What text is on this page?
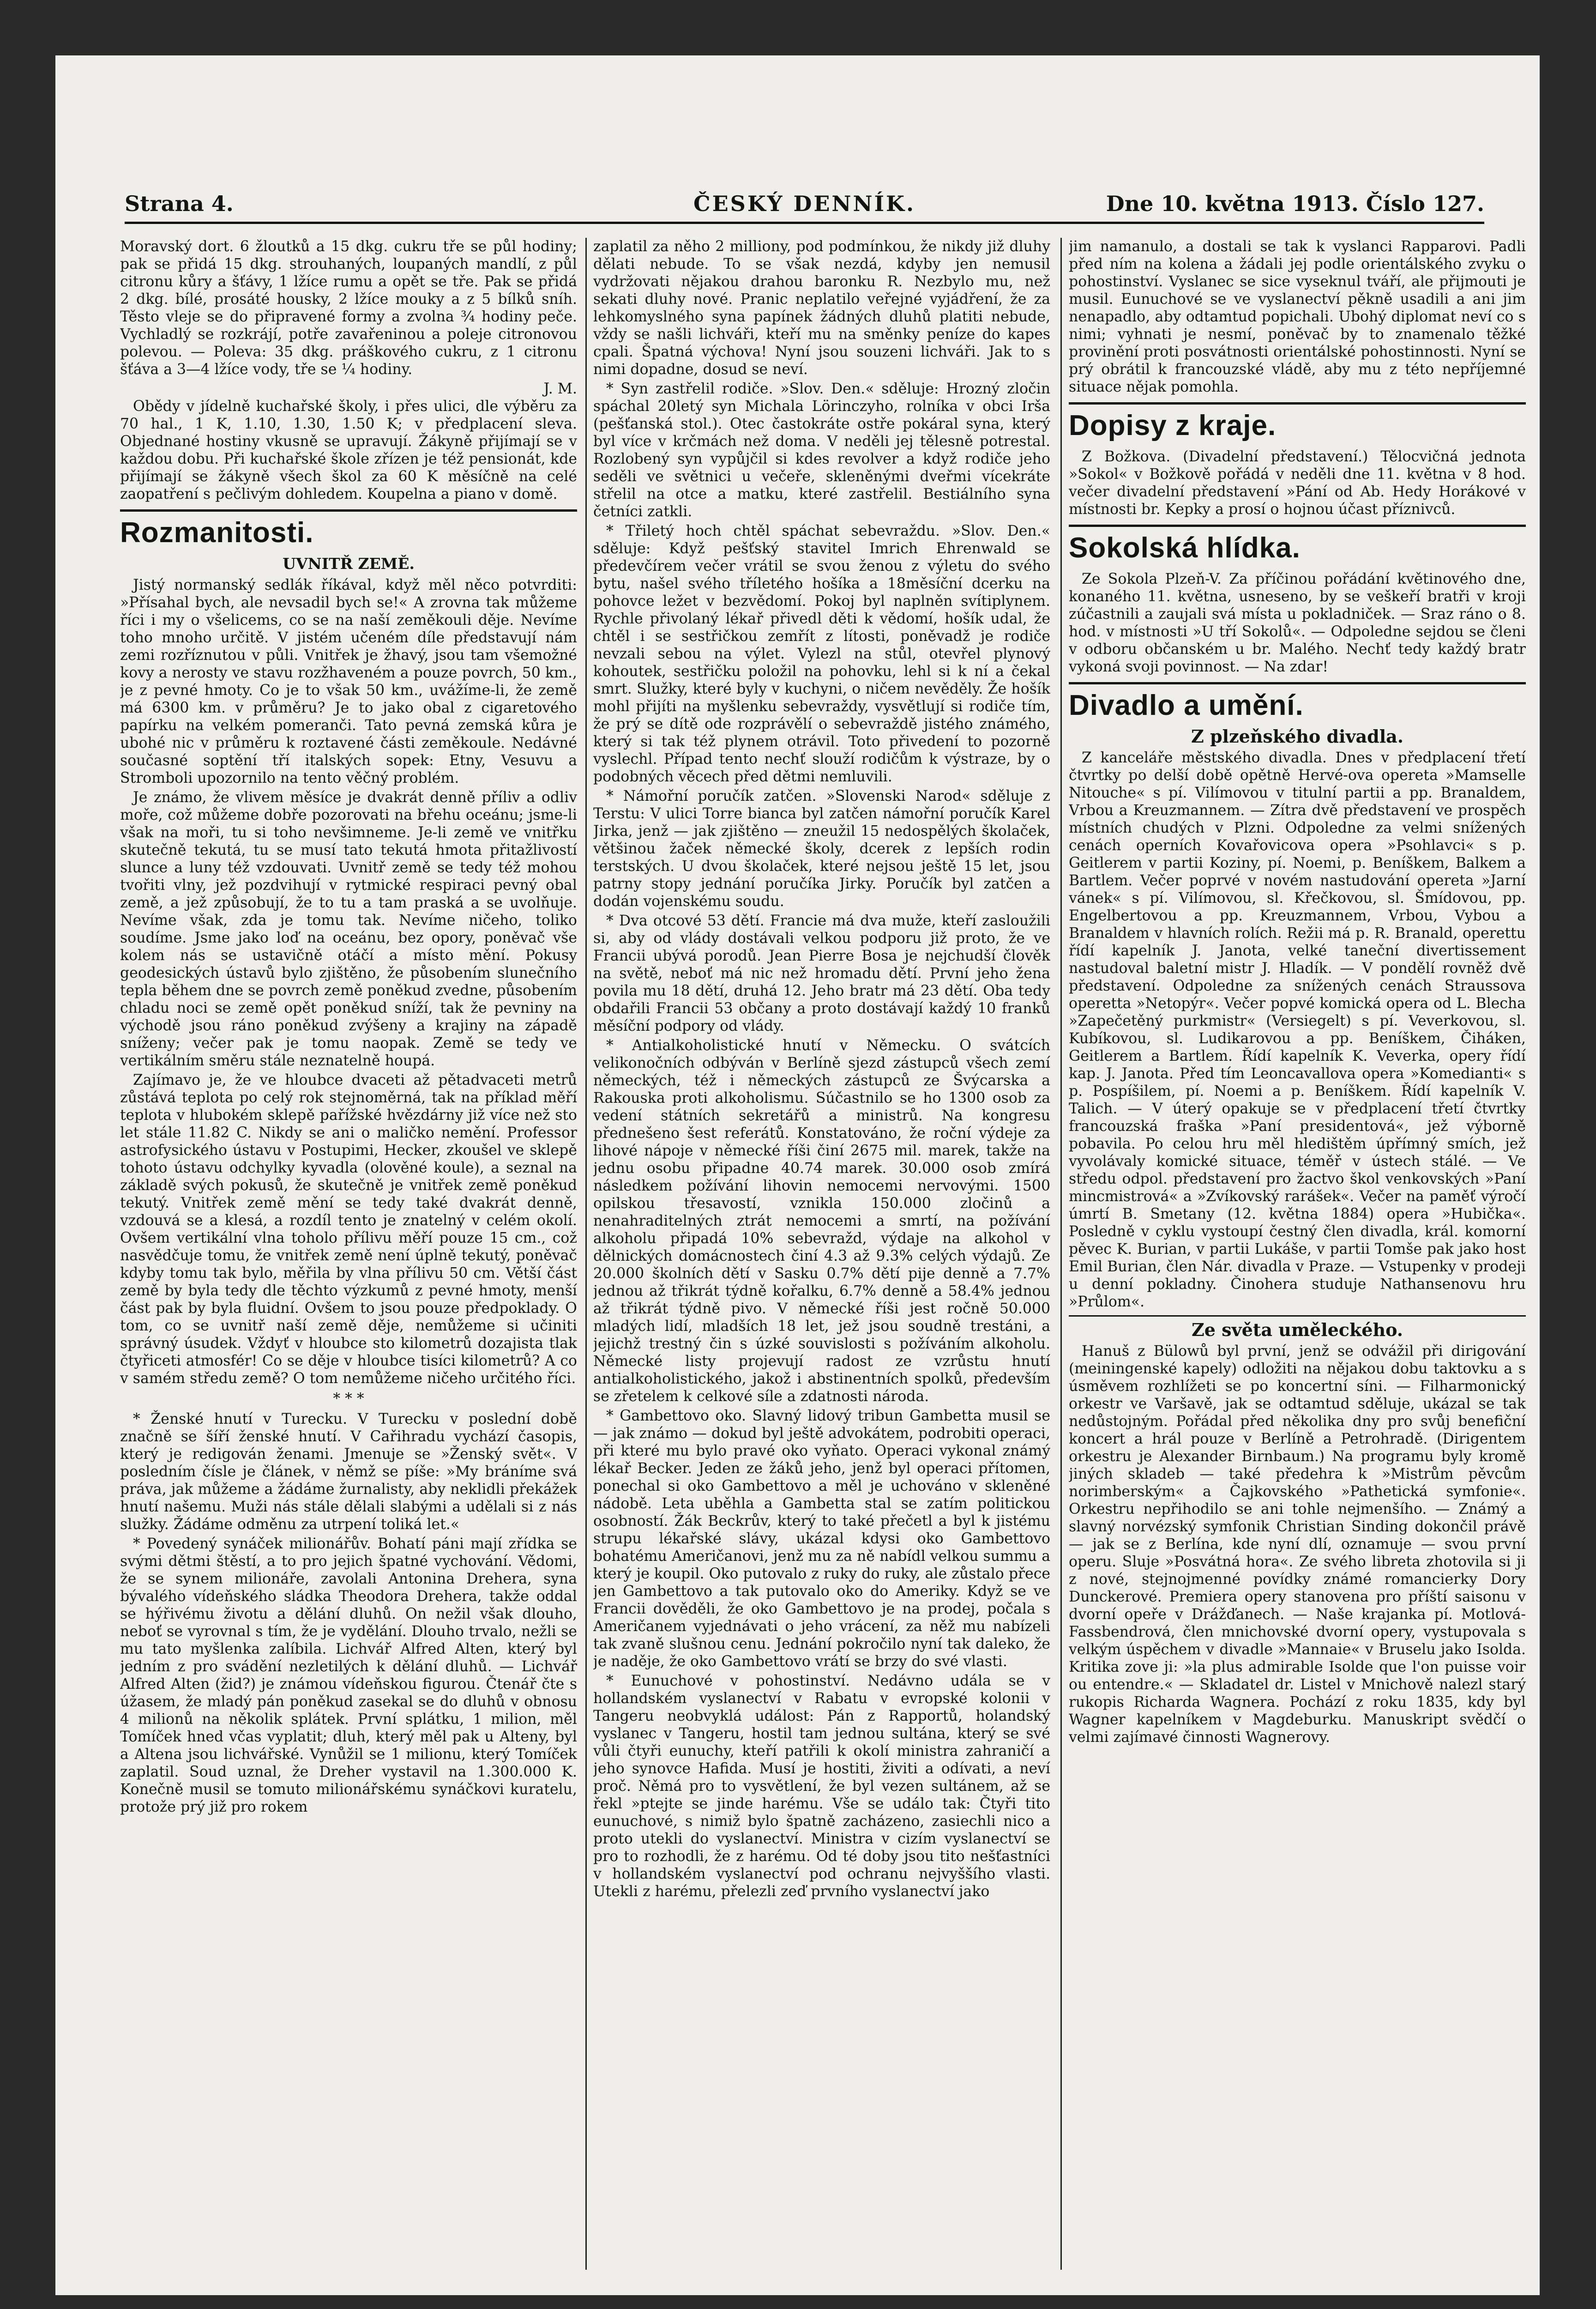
Strana 4.	ČESKÝ DENNÍK.	Dne 10. května 1913. Číslo 127.

Moravský dort. 6 žloutků a 15 dkg. cukru tře se půl hodiny; pak se přidá 15 dkg. strouhaných, loupaných mandlí, z půl citronu kůry a šťávy, 1 lžíce rumu a opět se tře. Pak se přidá 2 dkg. bílé, prosáté housky, 2 lžíce mouky a z 5 bílků sníh. Těsto vleje se do připravené formy a zvolna ¾ hodiny peče. Vychladlý se rozkrájí, potře zavařeninou a poleje citronovou polevou. — Poleva: 35 dkg. práškového cukru, z 1 citronu šťáva a 3—4 lžíce vody, tře se ¼ hodiny.

J. M.

Obědy v jídelně kuchařské školy, i přes ulici, dle výběru za 70 hal., 1 K, 1.10, 1.30, 1.50 K; v předplacení sleva. Objednané hostiny vkusně se upravují. Žákyně přijímají se v každou dobu. Při kuchařské škole zřízen je též pensionát, kde přijímají se žákyně všech škol za 60 K měsíčně na celé zaopatření s pečlivým dohledem. Koupelna a piano v domě.

Rozmanitosti.
UVNITŘ ZEMĚ.

Jistý normanský sedlák říkával, když měl něco potvrditi: »Přísahal bych, ale nevsadil bych se!« A zrovna tak můžeme říci i my o všelicems, co se na naší zeměkouli děje. Nevíme toho mnoho určitě. V jistém učeném díle představují nám zemi rozříznutou v půli. Vnitřek je žhavý, jsou tam všemožné kovy a nerosty ve stavu rozžhaveném a pouze povrch, 50 km., je z pevné hmoty. Co je to však 50 km., uvážíme-li, že země má 6300 km. v průměru? Je to jako obal z cigaretového papírku na velkém pomeranči. Tato pevná zemská kůra je ubohé nic v průměru k roztavené části zeměkoule. Nedávné současné soptění tří italských sopek: Etny, Vesuvu a Stromboli upozornilo na tento věčný problém.

Je známo, že vlivem měsíce je dvakrát denně příliv a odliv moře, což můžeme dobře pozorovati na břehu oceánu; jsme-li však na moři, tu si toho nevšimneme. Je-li země ve vnitřku skutečně tekutá, tu se musí tato tekutá hmota přitažlivostí slunce a luny též vzdouvati. Uvnitř země se tedy též mohou tvořiti vlny, jež pozdvihují v rytmické respiraci pevný obal země, a jež způsobují, že to tu a tam praská a se uvolňuje. Nevíme však, zda je tomu tak. Nevíme ničeho, toliko soudíme. Jsme jako loď na oceánu, bez opory, poněvač vše kolem nás se ustavičně otáčí a místo mění. Pokusy geodesických ústavů bylo zjištěno, že působením slunečního tepla během dne se povrch země poněkud zvedne, působením chladu noci se země opět poněkud sníží, tak že pevniny na východě jsou ráno poněkud zvýšeny a krajiny na západě sníženy; večer pak je tomu naopak. Země se tedy ve vertikálním směru stále neznatelně houpá.

Zajímavo je, že ve hloubce dvaceti až pětadvaceti metrů zůstává teplota po celý rok stejnoměrná, tak na příklad měří teplota v hlubokém sklepě pařížské hvězdárny již více než sto let stále 11.82 C. Nikdy se ani o maličko nemění. Professor astrofysického ústavu v Postupimi, Hecker, zkoušel ve sklepě tohoto ústavu odchylky kyvadla (olověné koule), a seznal na základě svých pokusů, že skutečně je vnitřek země poněkud tekutý. Vnitřek země mění se tedy také dvakrát denně, vzdouvá se a klesá, a rozdíl tento je znatelný v celém okolí. Ovšem vertikální vlna toholo přílivu měří pouze 15 cm., což nasvědčuje tomu, že vnitřek země není úplně tekutý, poněvač kdyby tomu tak bylo, měřila by vlna přílivu 50 cm. Větší část země by byla tedy dle těchto výzkumů z pevné hmoty, menší část pak by byla fluidní. Ovšem to jsou pouze předpoklady. O tom, co se uvnitř naší země děje, nemůžeme si učiniti správný úsudek. Vždyť v hloubce sto kilometrů dozajista tlak čtyřiceti atmosfér! Co se děje v hloubce tisíci kilometrů? A co v samém středu země? O tom nemůžeme ničeho určitého říci.

* * *

* Ženské hnutí v Turecku. V Turecku v poslední době značně se šíří ženské hnutí. V Cařihradu vychází časopis, který je redigován ženami. Jmenuje se »Ženský svět«. V posledním čísle je článek, v němž se píše: »My bráníme svá práva, jak můžeme a žádáme žurnalisty, aby neklidli překážek hnutí našemu. Muži nás stále dělali slabými a udělali si z nás služky. Žádáme odměnu za utrpení toliká let.«

* Povedený synáček milionářův. Bohatí páni mají zřídka se svými dětmi štěstí, a to pro jejich špatné vychování. Vědomi, že se synem milionáře, zavolali Antonina Drehera, syna bývalého vídeňského sládka Theodora Drehera, takže oddal se hýřivému životu a dělání dluhů. On nežil však dlouho, neboť se vyrovnal s tím, že je vydělání. Dlouho trvalo, nežli se mu tato myšlenka zalíbila. Lichvář Alfred Alten, který byl jedním z pro svádění nezletilých k dělání dluhů. — Lichvář Alfred Alten (žid?) je známou vídeňskou figurou. Čtenář čte s úžasem, že mladý pán poněkud zasekal se do dluhů v obnosu 4 milionů na několik splátek. První splátku, 1 milion, měl Tomíček hned včas vyplatit; dluh, který měl pak u Alteny, byl a Altena jsou lichvářské. Vynůžil se 1 milionu, který Tomíček zaplatil. Soud uznal, že Dreher vystavil na 1.300.000 K. Konečně musil se tomuto milionářskému synáčkovi kuratelu, protože prý již pro rokem

zaplatil za něho 2 milliony, pod podmínkou, že nikdy již dluhy dělati nebude. To se však nezdá, kdyby jen nemusil vydržovati nějakou drahou baronku R. Nezbylo mu, než sekati dluhy nové. Pranic neplatilo veřejné vyjádření, že za lehkomyslného syna papínek žádných dluhů platiti nebude, vždy se našli lichváři, kteří mu na směnky peníze do kapes cpali. Špatná výchova! Nyní jsou souzeni lichváři. Jak to s nimi dopadne, dosud se neví.

* Syn zastřelil rodiče. »Slov. Den.« sděluje: Hrozný zločin spáchal 20letý syn Michala Lörinczyho, rolníka v obci Irša (pešťanská stol.). Otec častokráte ostře pokáral syna, který byl více v krčmách než doma. V neděli jej tělesně potrestal. Rozlobený syn vypůjčil si kdes revolver a když rodiče jeho seděli ve světnici u večeře, skleněnými dveřmi vícekráte střelil na otce a matku, které zastřelil. Bestiálního syna četníci zatkli.

* Třiletý hoch chtěl spáchat sebevraždu. »Slov. Den.« sděluje: Když pešťský stavitel Imrich Ehrenwald se předevčírem večer vrátil se svou ženou z výletu do svého bytu, našel svého tříletého hošíka a 18měsíční dcerku na pohovce ležet v bezvědomí. Pokoj byl naplněn svítiplynem. Rychle přivolaný lékař přivedl děti k vědomí, hošík udal, že chtěl i se sestřičkou zemřít z lítosti, poněvadž je rodiče nevzali sebou na výlet. Vylezl na stůl, otevřel plynový kohoutek, sestřičku položil na pohovku, lehl si k ní a čekal smrt. Služky, které byly v kuchyni, o ničem nevěděly. Že hošík mohl přijíti na myšlenku sebevraždy, vysvětlují si rodiče tím, že prý se dítě ode rozprávělí o sebevraždě jistého známého, který si tak též plynem otrávil. Toto přivedení to pozorně vyslechl. Případ tento nechť slouží rodičům k výstraze, by o podobných věcech před dětmi nemluvili.

* Námořní poručík zatčen. »Slovenski Narod« sděluje z Terstu: V ulici Torre bianca byl zatčen námořní poručík Karel Jirka, jenž — jak zjištěno — zneužil 15 nedospělých školaček, většinou žaček německé školy, dcerek z lepších rodin terstských. U dvou školaček, které nejsou ještě 15 let, jsou patrny stopy jednání poručíka Jirky. Poručík byl zatčen a dodán vojenskému soudu.

* Dva otcové 53 dětí. Francie má dva muže, kteří zasloužili si, aby od vlády dostávali velkou podporu již proto, že ve Francii ubývá porodů. Jean Pierre Bosa je nejchudší člověk na světě, neboť má nic než hromadu dětí. První jeho žena povila mu 18 dětí, druhá 12. Jeho bratr má 23 dětí. Oba tedy obdařili Francii 53 občany a proto dostávají každý 10 franků měsíční podpory od vlády.

* Antialkoholistické hnutí v Německu. O svátcích velikonočních odbýván v Berlíně sjezd zástupců všech zemí německých, též i německých zástupců ze Švýcarska a Rakouska proti alkoholismu. Súčastnilo se ho 1300 osob za vedení státních sekretářů a ministrů. Na kongresu přednešeno šest referátů. Konstatováno, že roční výdeje za lihové nápoje v německé říši činí 2675 mil. marek, takže na jednu osobu připadne 40.74 marek. 30.000 osob zmírá následkem požívání lihovin nemocemi nervovými. 1500 opilskou třesavostí, vznikla 150.000 zločinů a nenahraditelných ztrát nemocemi a smrtí, na požívání alkoholu připadá 10% sebevražd, výdaje na alkohol v dělnických domácnostech činí 4.3 až 9.3% celých výdajů. Ze 20.000 školních dětí v Sasku 0.7% dětí pije denně a 7.7% jednou až třikrát týdně kořalku, 6.7% denně a 58.4% jednou až třikrát týdně pivo. V německé říši jest ročně 50.000 mladých lidí, mladších 18 let, jež jsou soudně trestáni, a jejichž trestný čin s úzké souvislosti s požíváním alkoholu. Německé listy projevují radost ze vzrůstu hnutí antialkoholistického, jakož i abstinentních spolků, především se zřetelem k celkové síle a zdatnosti národa.

* Gambettovo oko. Slavný lidový tribun Gambetta musil se — jak známo — dokud byl ještě advokátem, podrobiti operaci, při které mu bylo pravé oko vyňato. Operaci vykonal známý lékař Becker. Jeden ze žáků jeho, jenž byl operaci přítomen, ponechal si oko Gambettovo a měl je uchováno v skleněné nádobě. Leta uběhla a Gambetta stal se zatím politickou osobností. Žák Beckrův, který to také přečetl a byl k jistému strupu lékařské slávy, ukázal kdysi oko Gambettovo bohatému Američanovi, jenž mu za ně nabídl velkou summu a který je koupil. Oko putovalo z ruky do ruky, ale zůstalo přece jen Gambettovo a tak putovalo oko do Ameriky. Když se ve Francii dověděli, že oko Gambettovo je na prodej, počala s Američanem vyjednávati o jeho vrácení, za něž mu nabízeli tak zvaně slušnou cenu. Jednání pokročilo nyní tak daleko, že je naděje, že oko Gambettovo vrátí se brzy do své vlasti.

* Eunuchové v pohostinství. Nedávno udála se v hollandském vyslanectví v Rabatu v evropské kolonii v Tangeru neobvyklá událost: Pán z Rapportů, holandský vyslanec v Tangeru, hostil tam jednou sultána, který se své vůli čtyři eunuchy, kteří patřili k okolí ministra zahraničí a jeho synovce Hafida. Musí je hostiti, živiti a odívati, a neví proč. Němá pro to vysvětlení, že byl vezen sultánem, až se řekl »ptejte se jinde harému. Vše se událo tak: Čtyři tito eunuchové, s nimiž bylo špatně zacházeno, zasiechli nico a proto utekli do vyslanectví. Ministra v cizím vyslanectví se pro to rozhodli, že z harému. Od té doby jsou tito nešťastníci v hollandském vyslanectví pod ochranu nejvyššího vlasti. Utekli z harému, přelezli zeď prvního vyslanectví jako

jim namanulo, a dostali se tak k vyslanci Rapparovi. Padli před ním na kolena a žádali jej podle orientálského zvyku o pohostinství. Vyslanec se sice vyseknul tváří, ale přijmouti je musil. Eunuchové se ve vyslanectví pěkně usadili a ani jim nenapadlo, aby odtamtud popichali. Ubohý diplomat neví co s nimi; vyhnati je nesmí, poněvač by to znamenalo těžké provinění proti posvátnosti orientálské pohostinnosti. Nyní se prý obrátil k francouzské vládě, aby mu z této nepříjemné situace nějak pomohla.

Dopisy z kraje.

Z Božkova. (Divadelní představení.) Tělocvičná jednota »Sokol« v Božkově pořádá v neděli dne 11. května v 8 hod. večer divadelní představení »Pání od Ab. Hedy Horákové v místnosti br. Kepky a prosí o hojnou účast příznivců.

Sokolská hlídka.

Ze Sokola Plzeň-V. Za příčinou pořádání květinového dne, konaného 11. května, usneseno, by se veškeří bratři v kroji zúčastnili a zaujali svá místa u pokladniček. — Sraz ráno o 8. hod. v místnosti »U tří Sokolů«. — Odpoledne sejdou se členi v odboru občanském u br. Malého. Nechť tedy každý bratr vykoná svoji povinnost. — Na zdar!

Divadlo a umění.
Z plzeňského divadla.

Z kanceláře městského divadla. Dnes v předplacení třetí čtvrtky po delší době opětně Hervé-ova opereta »Mamselle Nitouche« s pí. Vilímovou v titulní partii a pp. Branaldem, Vrbou a Kreuzmannem. — Zítra dvě představení ve prospěch místních chudých v Plzni. Odpoledne za velmi snížených cenách operních Kovařovicova opera »Psohlavci« s p. Geitlerem v partii Koziny, pí. Noemi, p. Beníškem, Balkem a Bartlem. Večer poprvé v novém nastudování opereta »Jarní vánek« s pí. Vilímovou, sl. Křečkovou, sl. Šmídovou, pp. Engelbertovou a pp. Kreuzmannem, Vrbou, Vybou a Branaldem v hlavních rolích. Režii má p. R. Branald, operettu řídí kapelník J. Janota, velké taneční divertissement nastudoval baletní mistr J. Hladík. — V pondělí rovněž dvě představení. Odpoledne za snížených cenách Straussova operetta »Netopýr«. Večer popvé komická opera od L. Blecha »Zapečetěný purkmistr« (Versiegelt) s pí. Veverkovou, sl. Kubíkovou, sl. Ludikarovou a pp. Beníškem, Čiháken, Geitlerem a Bartlem. Řídí kapelník K. Veverka, opery řídí kap. J. Janota. Před tím Leoncavallova opera »Komedianti« s p. Pospíšilem, pí. Noemi a p. Beníškem. Řídí kapelník V. Talich. — V úterý opakuje se v předplacení třetí čtvrtky francouzská fraška »Paní presidentová«, jež výborně pobavila. Po celou hru měl hledištěm úpřímný smích, jež vyvolávaly komické situace, téměř v ústech stálé. — Ve středu odpol. představení pro žactvo škol venkovských »Paní mincmistrová« a »Zvíkovský rarášek«. Večer na paměť výročí úmrtí B. Smetany (12. května 1884) opera »Hubička«. Posledně v cyklu vystoupí čestný člen divadla, král. komorní pěvec K. Burian, v partii Lukáše, v partii Tomše pak jako host Emil Burian, člen Nár. divadla v Praze. — Vstupenky v prodeji u denní pokladny. Činohera studuje Nathansenovu hru »Průlom«.

Ze světa uměleckého.

Hanuš z Bülowů byl první, jenž se odvážil při dirigování (meiningenské kapely) odložiti na nějakou dobu taktovku a s úsměvem rozhlížeti se po koncertní síni. — Filharmonický orkestr ve Varšavě, jak se odtamtud sděluje, ukázal se tak nedůstojným. Pořádal před několika dny pro svůj benefiční koncert a hrál pouze v Berlíně a Petrohradě. (Dirigentem orkestru je Alexander Birnbaum.) Na programu byly kromě jiných skladeb — také předehra k »Mistrům pěvcům norimberským« a Čajkovského »Pathetická symfonie«. Orkestru nepřihodilo se ani tohle nejmenšího. — Známý a slavný norvézský symfonik Christian Sinding dokončil právě — jak se z Berlína, kde nyní dlí, oznamuje — svou první operu. Sluje »Posvátná hora«. Ze svého libreta zhotovila si ji z nové, stejnojmenné povídky známé romancierky Dory Dunckerové. Premiera opery stanovena pro příští saisonu v dvorní opeře v Drážďanech. — Naše krajanka pí. Motlová-Fassbendrová, člen mnichovské dvorní opery, vystupovala s velkým úspěchem v divadle »Mannaie« v Bruselu jako Isolda. Kritika zove ji: »la plus admirable Isolde que l'on puisse voir ou entendre.« — Skladatel dr. Listel v Mnichově nalezl starý rukopis Richarda Wagnera. Pochází z roku 1835, kdy byl Wagner kapelníkem v Magdeburku. Manuskript svědčí o velmi zajímavé činnosti Wagnerovy.
